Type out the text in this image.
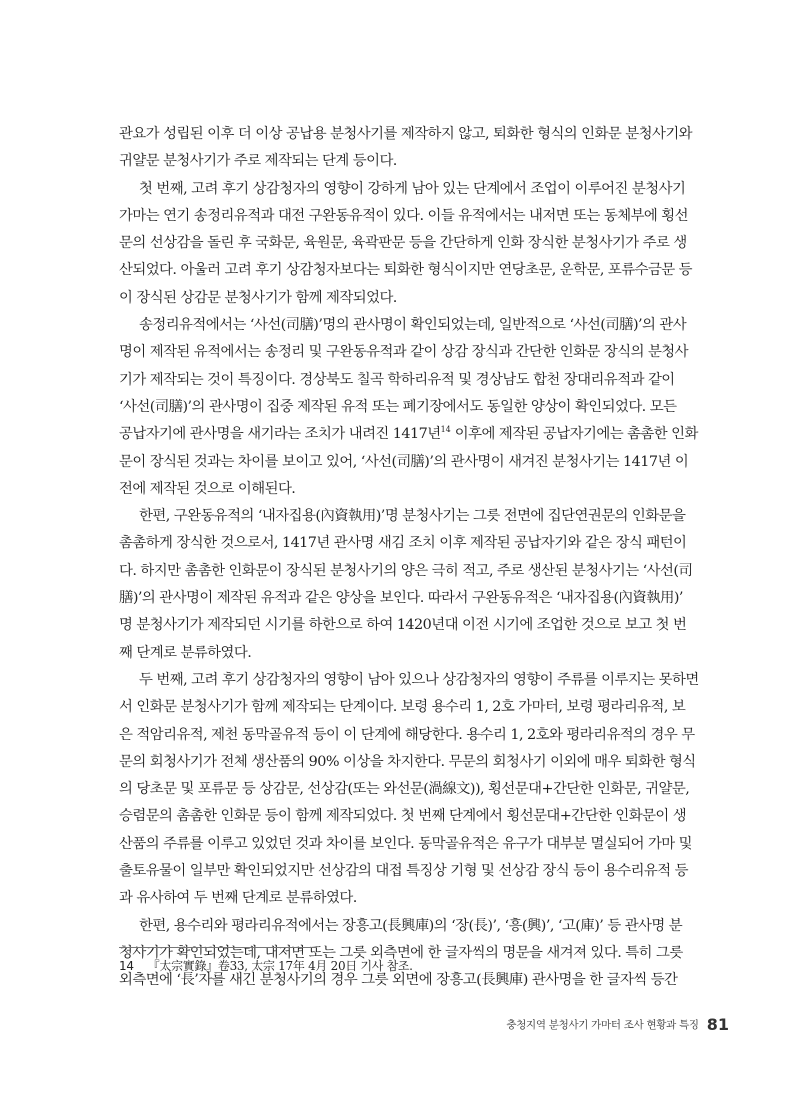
관요가 성립된 이후 더 이상 공납용 분청사기를 제작하지 않고, 퇴화한 형식의 인화문 분청사기와
귀얄문 분청사기가 주로 제작되는 단계 등이다.
첫 번째, 고려 후기 상감청자의 영향이 강하게 남아 있는 단계에서 조업이 이루어진 분청사기
가마는 연기 송정리유적과 대전 구완동유적이 있다. 이들 유적에서는 내저면 또는 동체부에 횡선
문의 선상감을 돌린 후 국화문, 육원문, 육곽판문 등을 간단하게 인화 장식한 분청사기가 주로 생
산되었다. 아울러 고려 후기 상감청자보다는 퇴화한 형식이지만 연당초문, 운학문, 포류수금문 등
이 장식된 상감문 분청사기가 함께 제작되었다.
송정리유적에서는 ‘사선(司膳)’명의 관사명이 확인되었는데, 일반적으로 ‘사선(司膳)’의 관사
명이 제작된 유적에서는 송정리 및 구완동유적과 같이 상감 장식과 간단한 인화문 장식의 분청사
기가 제작되는 것이 특징이다. 경상북도 칠곡 학하리유적 및 경상남도 합천 장대리유적과 같이
‘사선(司膳)’의 관사명이 집중 제작된 유적 또는 폐기장에서도 동일한 양상이 확인되었다. 모든
공납자기에 관사명을 새기라는 조치가 내려진 1417년$^{14}$ 이후에 제작된 공납자기에는 촘촘한 인화
문이 장식된 것과는 차이를 보이고 있어, ‘사선(司膳)’의 관사명이 새겨진 분청사기는 1417년 이
전에 제작된 것으로 이해된다.
한편, 구완동유적의 ‘내자집용(內資執用)’명 분청사기는 그릇 전면에 집단연권문의 인화문을
촘촘하게 장식한 것으로서, 1417년 관사명 새김 조치 이후 제작된 공납자기와 같은 장식 패턴이
다. 하지만 촘촘한 인화문이 장식된 분청사기의 양은 극히 적고, 주로 생산된 분청사기는 ‘사선(司
膳)’의 관사명이 제작된 유적과 같은 양상을 보인다. 따라서 구완동유적은 ‘내자집용(內資執用)’
명 분청사기가 제작되던 시기를 하한으로 하여 1420년대 이전 시기에 조업한 것으로 보고 첫 번
째 단계로 분류하였다.
두 번째, 고려 후기 상감청자의 영향이 남아 있으나 상감청자의 영향이 주류를 이루지는 못하면
서 인화문 분청사기가 함께 제작되는 단계이다. 보령 용수리 1, 2호 가마터, 보령 평라리유적, 보
은 적암리유적, 제천 동막골유적 등이 이 단계에 해당한다. 용수리 1, 2호와 평라리유적의 경우 무
문의 회청사기가 전체 생산품의 90% 이상을 차지한다. 무문의 회청사기 이외에 매우 퇴화한 형식
의 당초문 및 포류문 등 상감문, 선상감(또는 와선문(渦線文)), 횡선문대+간단한 인화문, 귀얄문,
승렴문의 촘촘한 인화문 등이 함께 제작되었다. 첫 번째 단계에서 횡선문대+간단한 인화문이 생
산품의 주류를 이루고 있었던 것과 차이를 보인다. 동막골유적은 유구가 대부분 멸실되어 가마 및
출토유물이 일부만 확인되었지만 선상감의 대접 특징상 기형 및 선상감 장식 등이 용수리유적 등
과 유사하여 두 번째 단계로 분류하였다.
한편, 용수리와 평라리유적에서는 장흥고(長興庫)의 ‘장(長)’, ‘흥(興)’, ‘고(庫)’ 등 관사명 분
청사기가 확인되었는데, 내저면 또는 그릇 외측면에 한 글자씩의 명문을 새겨져 있다. 특히 그릇
외측면에 ‘長’자를 새긴 분청사기의 경우 그릇 외면에 장흥고(長興庫) 관사명을 한 글자씩 등간
14 『太宗實錄』卷33, 太宗 17年 4月 20日 기사 참조.
충청지역 분청사기 가마터 조사 현황과 특징 81
